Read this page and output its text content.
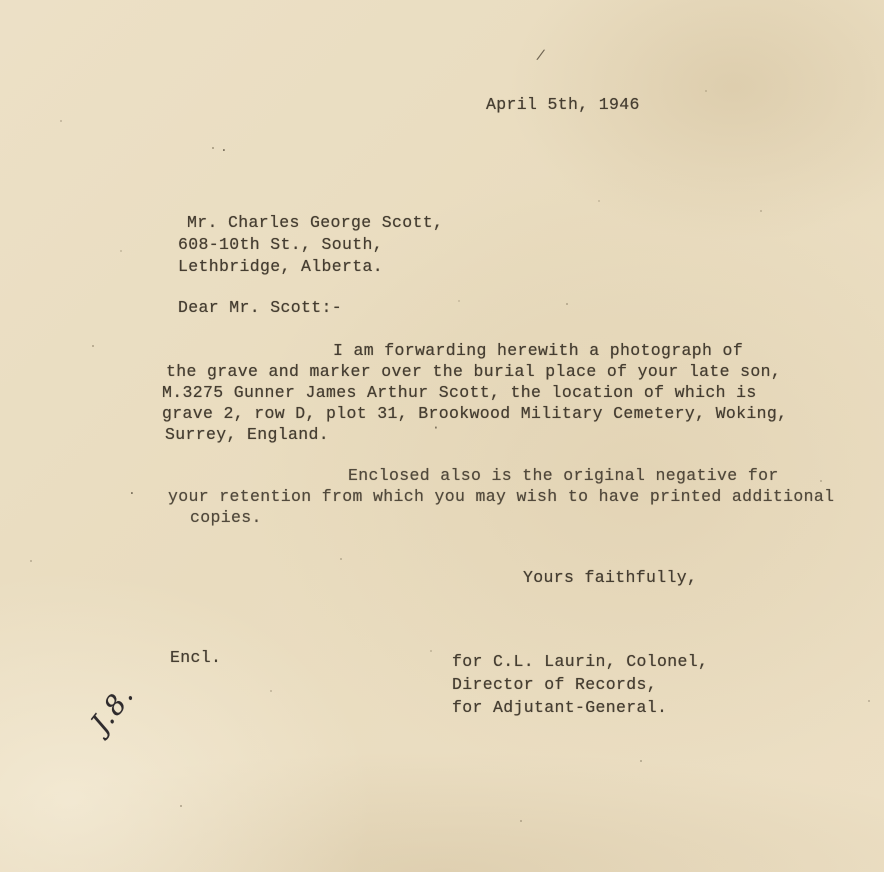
April 5th, 1946
Mr. Charles George Scott,
608-10th St., South,
Lethbridge, Alberta.
Dear Mr. Scott:-
I am forwarding herewith a photograph of
the grave and marker over the burial place of your late son,
M.3275 Gunner James Arthur Scott, the location of which is
grave 2, row D, plot 31, Brookwood Military Cemetery, Woking,
Surrey, England.
Enclosed also is the original negative for
your retention from which you may wish to have printed additional
copies.
Yours faithfully,
Encl.	for C.L. Laurin, Colonel,
Director of Records,
for Adjutant-General.
J.8.
/
·
.
.
